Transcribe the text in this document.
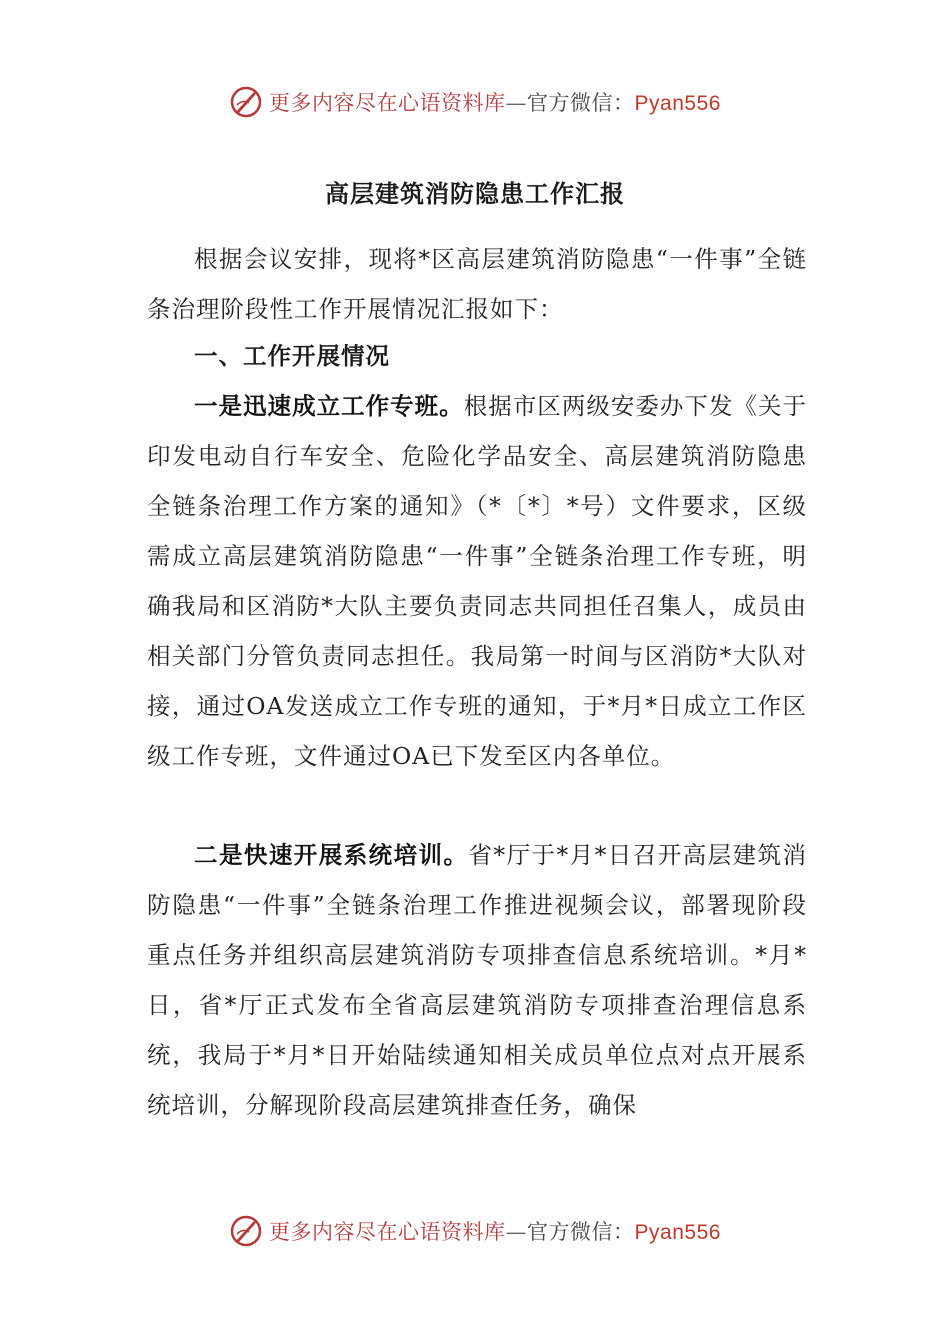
更多内容尽在心语资料库—官方微信：Pyan556
高层建筑消防隐患工作汇报

根据会议安排，现将*区高层建筑消防隐患“一件事”全链条治理阶段性工作开展情况汇报如下：

一、工作开展情况

一是迅速成立工作专班。根据市区两级安委办下发《关于印发电动自行车安全、危险化学品安全、高层建筑消防隐患全链条治理工作方案的通知》（*〔*〕*号）文件要求，区级需成立高层建筑消防隐患“一件事”全链条治理工作专班，明确我局和区消防*大队主要负责同志共同担任召集人，成员由相关部门分管负责同志担任。我局第一时间与区消防*大队对接，通过OA发送成立工作专班的通知，于*月*日成立工作区级工作专班，文件通过OA已下发至区内各单位。

二是快速开展系统培训。省*厅于*月*日召开高层建筑消防隐患“一件事”全链条治理工作推进视频会议，部署现阶段重点任务并组织高层建筑消防专项排查信息系统培训。*月*日，省*厅正式发布全省高层建筑消防专项排查治理信息系统，我局于*月*日开始陆续通知相关成员单位点对点开展系统培训，分解现阶段高层建筑排查任务，确保

更多内容尽在心语资料库—官方微信：Pyan556
